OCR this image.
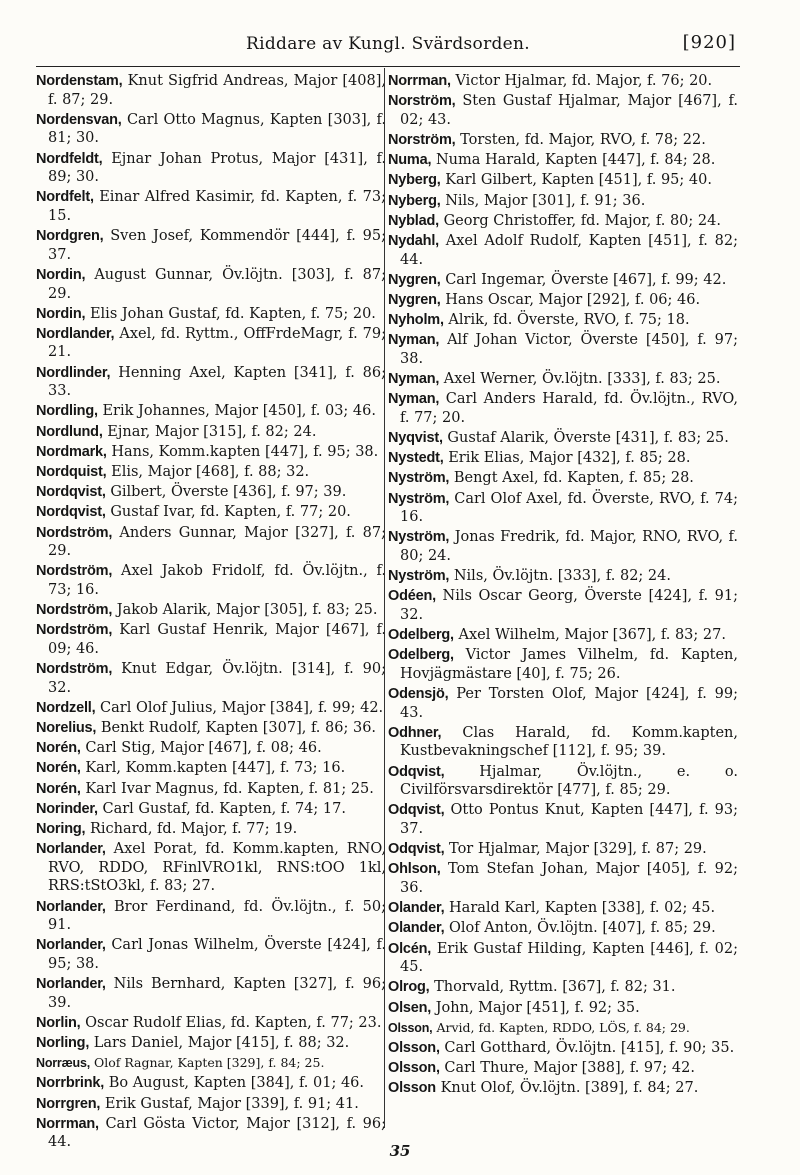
Riddare av Kungl. Svärdsorden.	[920]

Nordenstam, Knut Sigfrid Andreas, Major [408], f. 87; 29.

Nordensvan, Carl Otto Magnus, Kapten [303], f. 81; 30.

Nordfeldt, Ejnar Johan Protus, Major [431], f. 89; 30.

Nordfelt, Einar Alfred Kasimir, fd. Kapten, f. 73; 15.

Nordgren, Sven Josef, Kommendör [444], f. 95; 37.

Nordin, August Gunnar, Öv.löjtn. [303], f. 87; 29.

Nordin, Elis Johan Gustaf, fd. Kapten, f. 75; 20.

Nordlander, Axel, fd. Ryttm., OffFrdeMagr, f. 79; 21.

Nordlinder, Henning Axel, Kapten [341], f. 86; 33.

Nordling, Erik Johannes, Major [450], f. 03; 46.

Nordlund, Ejnar, Major [315], f. 82; 24.

Nordmark, Hans, Komm.kapten [447], f. 95; 38.

Nordquist, Elis, Major [468], f. 88; 32.

Nordqvist, Gilbert, Överste [436], f. 97; 39.

Nordqvist, Gustaf Ivar, fd. Kapten, f. 77; 20.

Nordström, Anders Gunnar, Major [327], f. 87; 29.

Nordström, Axel Jakob Fridolf, fd. Öv.löjtn., f. 73; 16.

Nordström, Jakob Alarik, Major [305], f. 83; 25.

Nordström, Karl Gustaf Henrik, Major [467], f. 09; 46.

Nordström, Knut Edgar, Öv.löjtn. [314], f. 90; 32.

Nordzell, Carl Olof Julius, Major [384], f. 99; 42.

Norelius, Benkt Rudolf, Kapten [307], f. 86; 36.

Norén, Carl Stig, Major [467], f. 08; 46.

Norén, Karl, Komm.kapten [447], f. 73; 16.

Norén, Karl Ivar Magnus, fd. Kapten, f. 81; 25.

Norinder, Carl Gustaf, fd. Kapten, f. 74; 17.

Noring, Richard, fd. Major, f. 77; 19.

Norlander, Axel Porat, fd. Komm.kapten, RNO, RVO, RDDO, RFinlVRO1kl, RNS:tOO 1kl, RRS:tStO3kl, f. 83; 27.

Norlander, Bror Ferdinand, fd. Öv.löjtn., f. 50; 91.

Norlander, Carl Jonas Wilhelm, Överste [424], f. 95; 38.

Norlander, Nils Bernhard, Kapten [327], f. 96; 39.

Norlin, Oscar Rudolf Elias, fd. Kapten, f. 77; 23.

Norling, Lars Daniel, Major [415], f. 88; 32.

Norræus, Olof Ragnar, Kapten [329], f. 84; 25.

Norrbrink, Bo August, Kapten [384], f. 01; 46.

Norrgren, Erik Gustaf, Major [339], f. 91; 41.

Norrman, Carl Gösta Victor, Major [312], f. 96; 44.

Norrman, Victor Hjalmar, fd. Major, f. 76; 20.

Norström, Sten Gustaf Hjalmar, Major [467], f. 02; 43.

Norström, Torsten, fd. Major, RVO, f. 78; 22.

Numa, Numa Harald, Kapten [447], f. 84; 28.

Nyberg, Karl Gilbert, Kapten [451], f. 95; 40.

Nyberg, Nils, Major [301], f. 91; 36.

Nyblad, Georg Christoffer, fd. Major, f. 80; 24.

Nydahl, Axel Adolf Rudolf, Kapten [451], f. 82; 44.

Nygren, Carl Ingemar, Överste [467], f. 99; 42.

Nygren, Hans Oscar, Major [292], f. 06; 46.

Nyholm, Alrik, fd. Överste, RVO, f. 75; 18.

Nyman, Alf Johan Victor, Överste [450], f. 97; 38.

Nyman, Axel Werner, Öv.löjtn. [333], f. 83; 25.

Nyman, Carl Anders Harald, fd. Öv.löjtn., RVO, f. 77; 20.

Nyqvist, Gustaf Alarik, Överste [431], f. 83; 25.

Nystedt, Erik Elias, Major [432], f. 85; 28.

Nyström, Bengt Axel, fd. Kapten, f. 85; 28.

Nyström, Carl Olof Axel, fd. Överste, RVO, f. 74; 16.

Nyström, Jonas Fredrik, fd. Major, RNO, RVO, f. 80; 24.

Nyström, Nils, Öv.löjtn. [333], f. 82; 24.

Odéen, Nils Oscar Georg, Överste [424], f. 91; 32.

Odelberg, Axel Wilhelm, Major [367], f. 83; 27.

Odelberg, Victor James Vilhelm, fd. Kapten, Hovjägmästare [40], f. 75; 26.

Odensjö, Per Torsten Olof, Major [424], f. 99; 43.

Odhner, Clas Harald, fd. Komm.kapten, Kustbevakningschef [112], f. 95; 39.

Odqvist, Hjalmar, Öv.löjtn., e. o. Civilförsvarsdirektör [477], f. 85; 29.

Odqvist, Otto Pontus Knut, Kapten [447], f. 93; 37.

Odqvist, Tor Hjalmar, Major [329], f. 87; 29.

Ohlson, Tom Stefan Johan, Major [405], f. 92; 36.

Olander, Harald Karl, Kapten [338], f. 02; 45.

Olander, Olof Anton, Öv.löjtn. [407], f. 85; 29.

Olcén, Erik Gustaf Hilding, Kapten [446], f. 02; 45.

Olrog, Thorvald, Ryttm. [367], f. 82; 31.

Olsen, John, Major [451], f. 92; 35.

Olsson, Arvid, fd. Kapten, RDDO, LÖS, f. 84; 29.

Olsson, Carl Gotthard, Öv.löjtn. [415], f. 90; 35.

Olsson, Carl Thure, Major [388], f. 97; 42.

Olsson Knut Olof, Öv.löjtn. [389], f. 84; 27.

35
